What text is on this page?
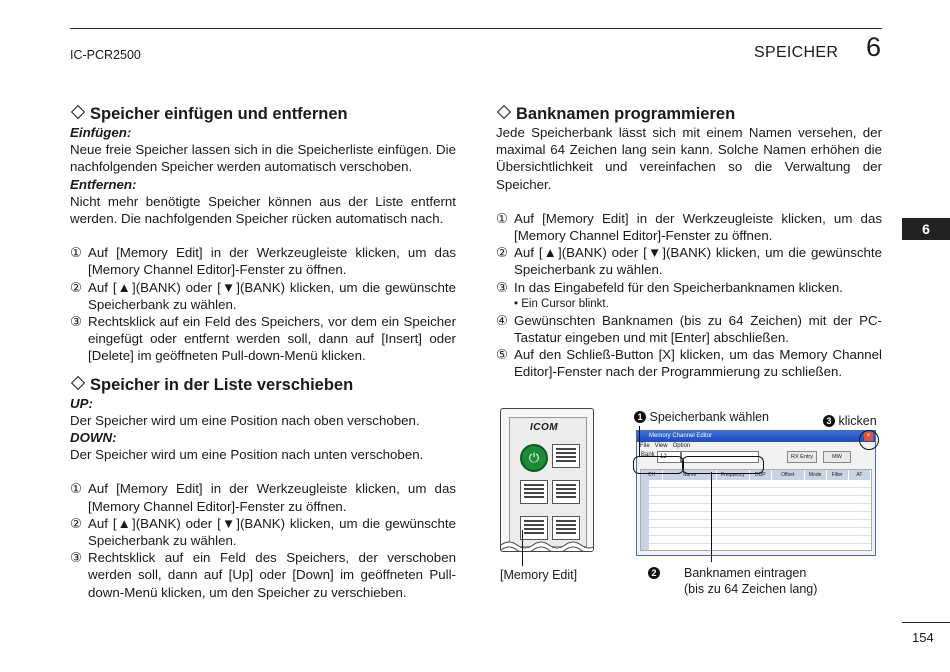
IC-PCR2500	SPEICHER 6
6
Speicher einfügen und entfernen

Einfügen:

Neue freie Speicher lassen sich in die Speicherliste einfügen. Die nachfolgenden Speicher werden automatisch verschoben.

Entfernen:

Nicht mehr benötigte Speicher können aus der Liste entfernt werden. Die nachfolgenden Speicher rücken automatisch nach.

① Auf [Memory Edit] in der Werkzeugleiste klicken, um das [Memory Channel Editor]-Fenster zu öffnen.
② Auf [▲](BANK) oder [▼](BANK) klicken, um die gewünschte Speicherbank zu wählen.
③ Rechtsklick auf ein Feld des Speichers, vor dem ein Speicher eingefügt oder entfernt werden soll, dann auf [Insert] oder [Delete] im geöffneten Pull-down-Menü klicken.
Speicher in der Liste verschieben

UP:

Der Speicher wird um eine Position nach oben verschoben.

DOWN:

Der Speicher wird um eine Position nach unten verschoben.

① Auf [Memory Edit] in der Werkzeugleiste klicken, um das [Memory Channel Editor]-Fenster zu öffnen.
② Auf [▲](BANK) oder [▼](BANK) klicken, um die gewünschte Speicherbank zu wählen.
③ Rechtsklick auf ein Feld des Speichers, der verschoben werden soll, dann auf [Up] oder [Down] im geöffneten Pull-down-Menü klicken, um den Speicher zu verschieben.
Banknamen programmieren

Jede Speicherbank lässt sich mit einem Namen versehen, der maximal 64 Zeichen lang sein kann. Solche Namen erhöhen die Übersichtlichkeit und vereinfachen so die Verwaltung der Speicher.

① Auf [Memory Edit] in der Werkzeugleiste klicken, um das [Memory Channel Editor]-Fenster zu öffnen.
② Auf [▲](BANK) oder [▼](BANK) klicken, um die gewünschte Speicherbank zu wählen.
③ In das Eingabefeld für den Speicherbanknamen klicken.
• Ein Cursor blinkt.
④ Gewünschten Banknamen (bis zu 64 Zeichen) mit der PC-Tastatur eingeben und mit [Enter] abschließen.
⑤ Auf den Schließ-Button [X] klicken, um das Memory Channel Editor]-Fenster nach der Programmierung zu schließen.
ICOM
⏻
Memory Channel Editor	×
File View Option
Bank 12	RX Entry	MW
CH	Name	Frequency	DUP	Offset	Mode	Filter	AT
1 Speicherbank wählen	3 klicken
2 Banknamen eintragen
(bis zu 64 Zeichen lang)
[Memory Edit]
154
